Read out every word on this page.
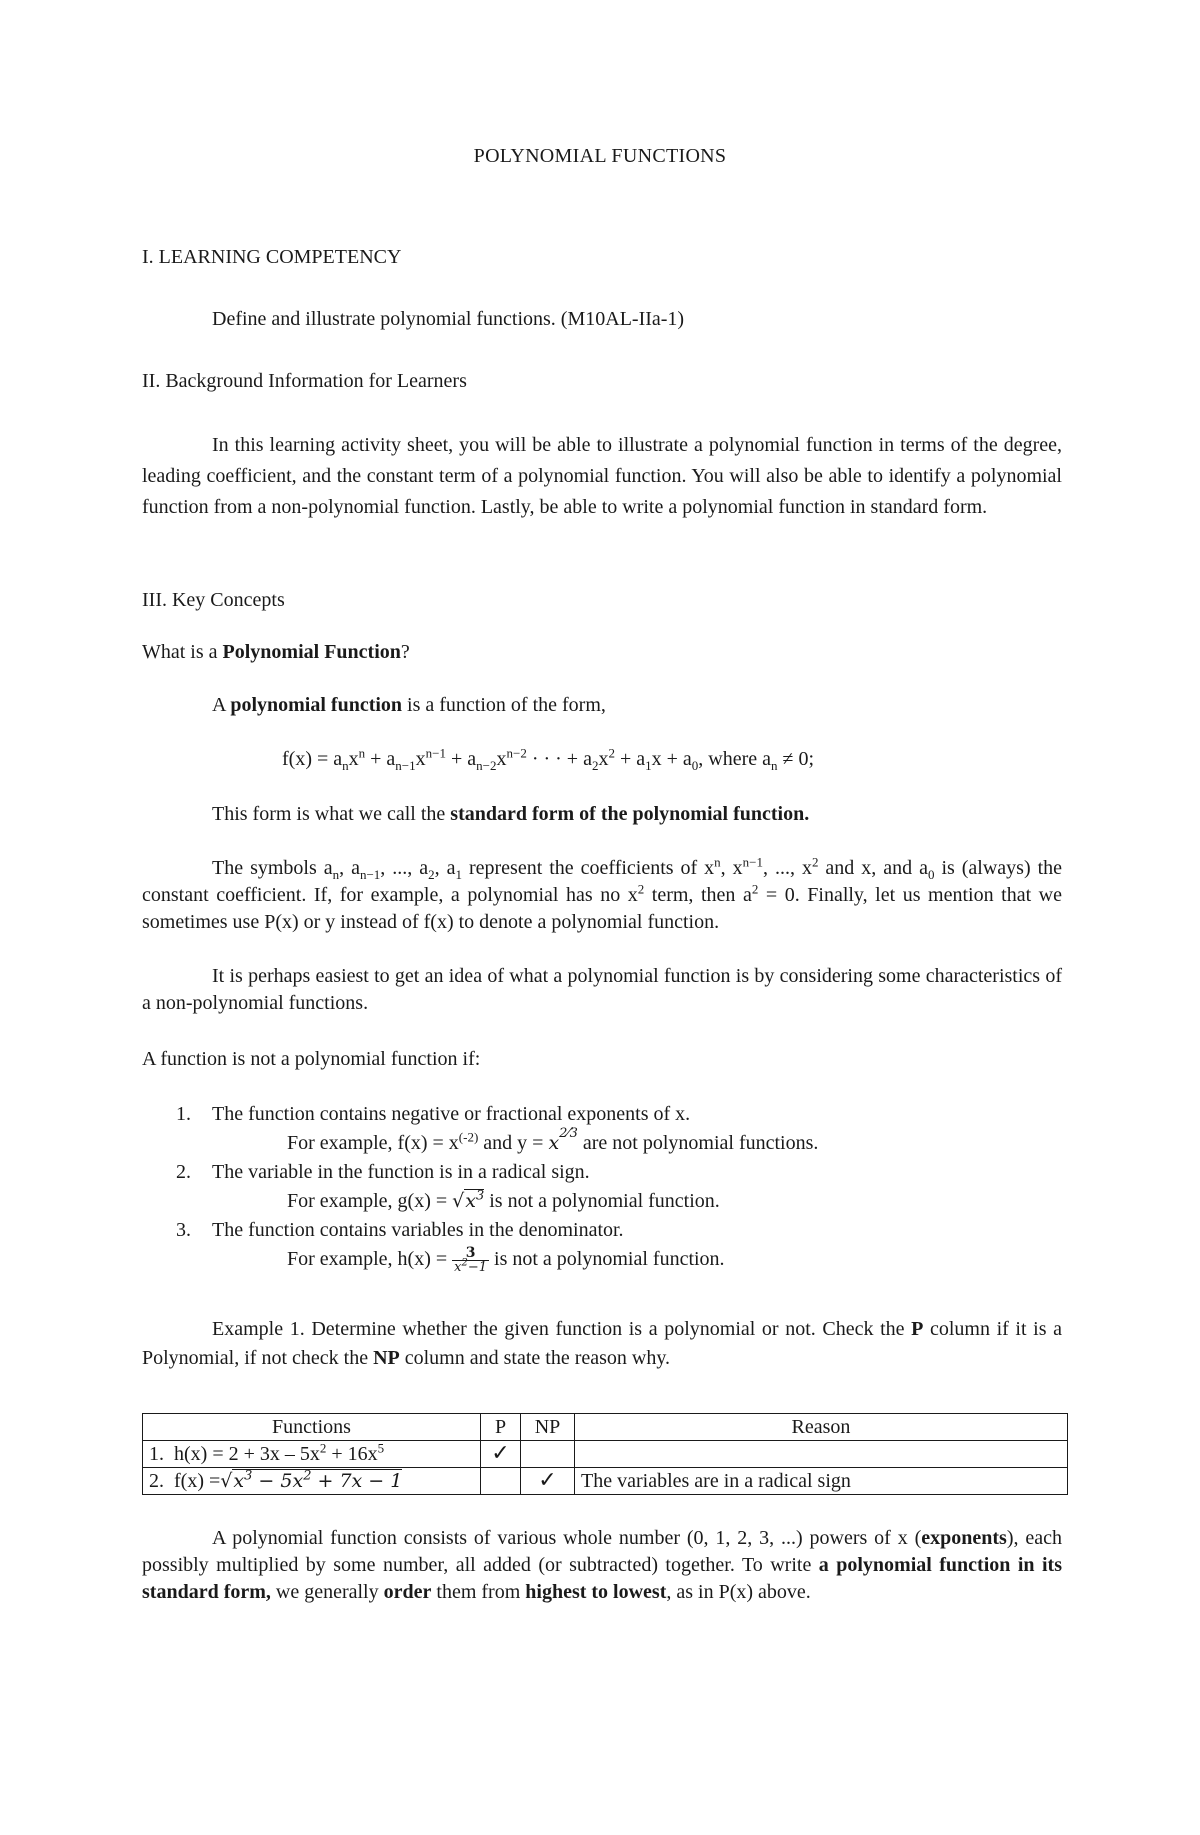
POLYNOMIAL FUNCTIONS

I. LEARNING COMPETENCY

Define and illustrate polynomial functions. (M10AL-IIa-1)

II. Background Information for Learners

In this learning activity sheet, you will be able to illustrate a polynomial function in terms of the degree, leading coefficient, and the constant term of a polynomial function. You will also be able to identify a polynomial function from a non-polynomial function. Lastly, be able to write a polynomial function in standard form.

III. Key Concepts

What is a Polynomial Function?

A polynomial function is a function of the form,

$f(x) = a_nx^n + a_{n-1}x^{n-1} + a_{n-2}x^{n-2}$ · · · + $a_2x^2 + a_1x + a_0$, where $a_n \ne 0$;

This form is what we call the standard form of the polynomial function.

The symbols $a_n$, $a_{n-1}$, ..., $a_2$, $a_1$ represent the coefficients of $x^n$, $x^{n-1}$, ..., $x^2$ and x, and $a_0$ is (always) the constant coefficient. If, for example, a polynomial has no $x^2$ term, then $a^2 = 0$. Finally, let us mention that we sometimes use P(x) or y instead of f(x) to denote a polynomial function.

It is perhaps easiest to get an idea of what a polynomial function is by considering some characteristics of a non-polynomial functions.

A function is not a polynomial function if:

1. The function contains negative or fractional exponents of x.
For example, $f(x) = x^{(-2)}$ and $y = x^{2⁄3}$ are not polynomial functions.
2. The variable in the function is in a radical sign.
For example, $g(x) = √x^3$ is not a polynomial function.
3. The function contains variables in the denominator.
For example, $h(x) = \frac{3}{x^2-1}$ is not a polynomial function.

Example 1. Determine whether the given function is a polynomial or not. Check the P column if it is a Polynomial, if not check the NP column and state the reason why.

Functions	P	NP	Reason
1. $h(x) = 2 + 3x - 5x^2 + 16x^5$	✓		
2. $f(x) =√x^3 - 5x^2 + 7x - 1$		✓	The variables are in a radical sign

A polynomial function consists of various whole number (0, 1, 2, 3, ...) powers of x (exponents), each possibly multiplied by some number, all added (or subtracted) together. To write a polynomial function in its standard form, we generally order them from highest to lowest, as in P(x) above.
